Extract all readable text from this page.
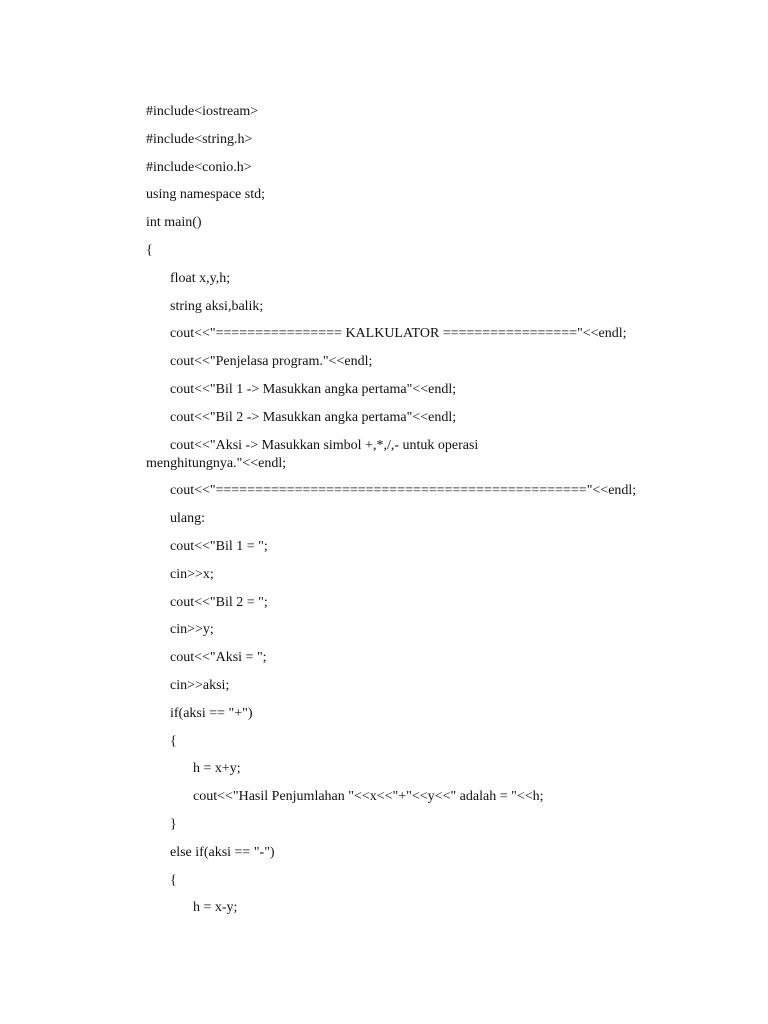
#include<iostream>

#include<string.h>

#include<conio.h>

using namespace std;

int main()

{

float x,y,h;

string aksi,balik;

cout<<"================ KALKULATOR ================="<<endl;

cout<<"Penjelasa program."<<endl;

cout<<"Bil 1 -> Masukkan angka pertama"<<endl;

cout<<"Bil 2 -> Masukkan angka pertama"<<endl;

cout<<"Aksi -> Masukkan simbol +,*,/,- untuk operasi
menghitungnya."<<endl;

cout<<"==============================================="<<endl;

ulang:

cout<<"Bil 1 = ";

cin>>x;

cout<<"Bil 2 = ";

cin>>y;

cout<<"Aksi = ";

cin>>aksi;

if(aksi == "+")

{

h = x+y;

cout<<"Hasil Penjumlahan "<<x<<"+"<<y<<" adalah = "<<h;

}

else if(aksi == "-")

{

h = x-y;
